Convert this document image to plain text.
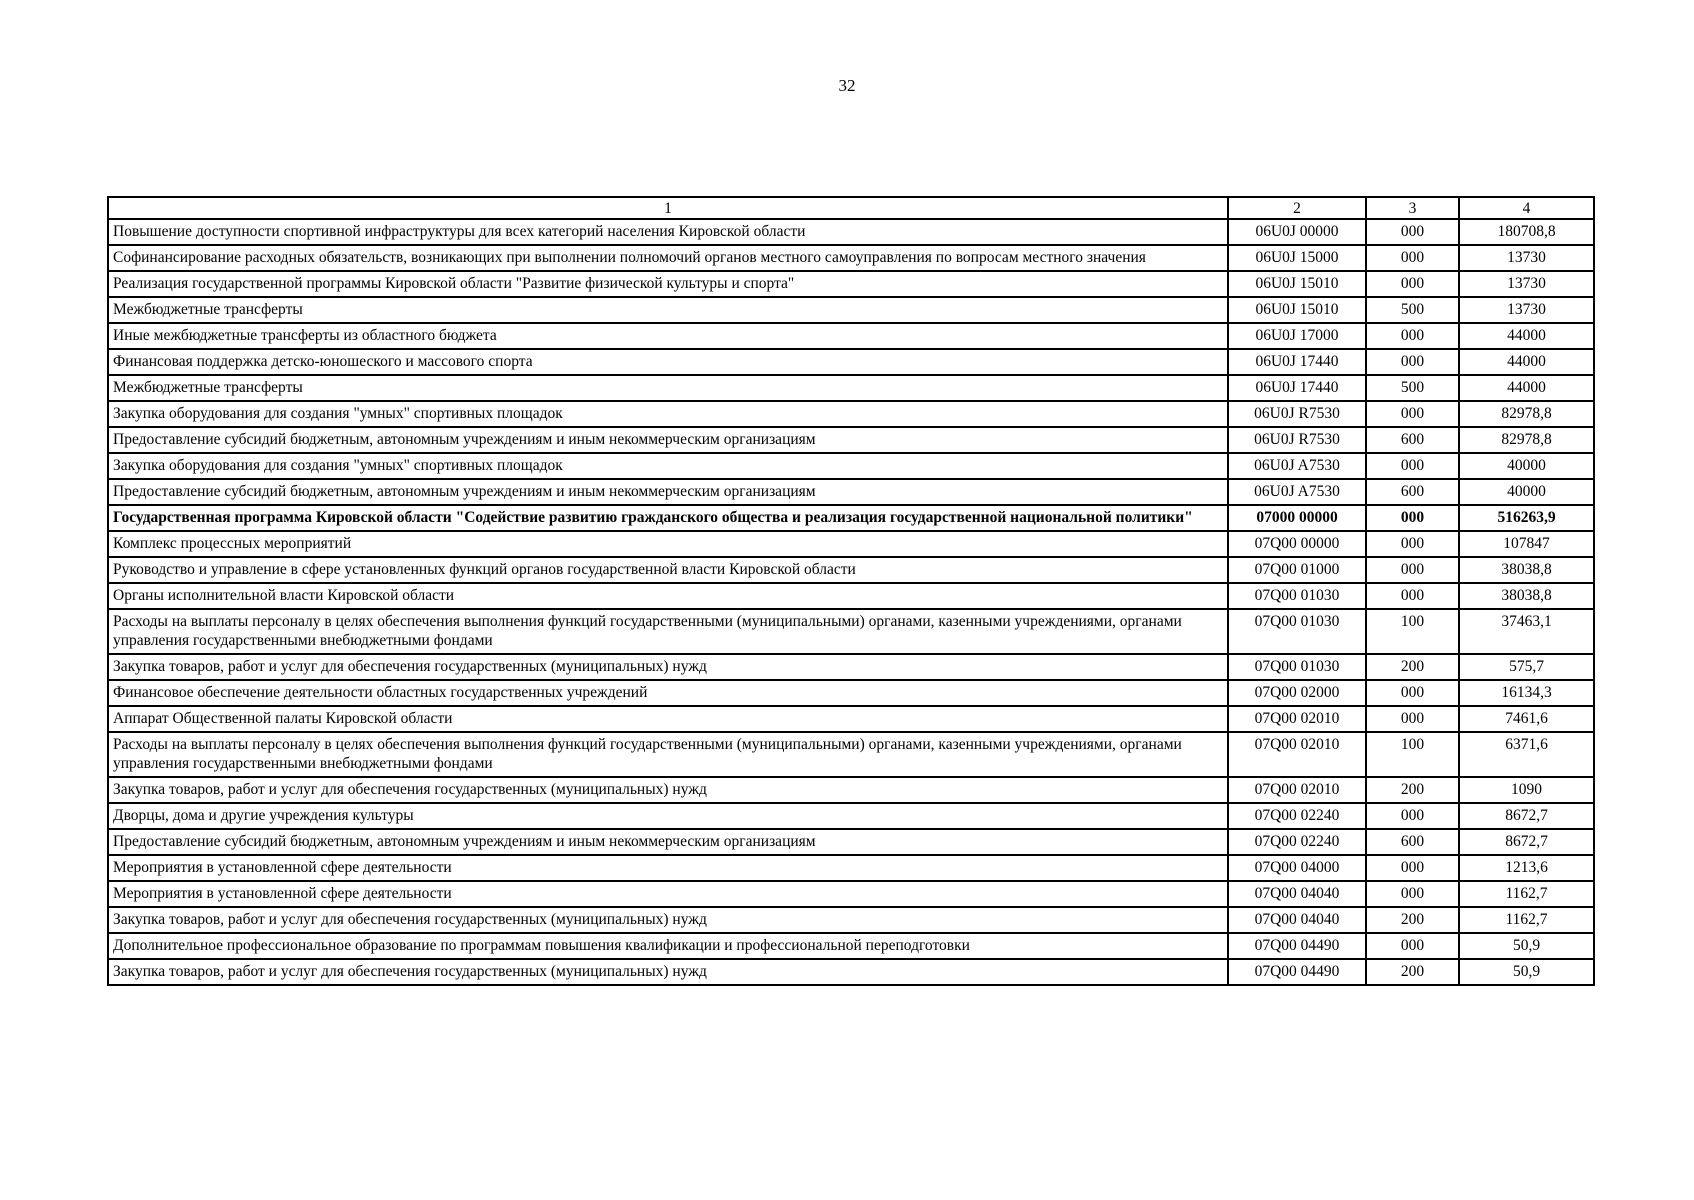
32
1	2	3	4
Повышение доступности спортивной инфраструктуры для всех категорий населения Кировской области	06U0J 00000	000	180708,8
Софинансирование расходных обязательств, возникающих при выполнении полномочий органов местного самоуправления по вопросам местного значения	06U0J 15000	000	13730
Реализация государственной программы Кировской области "Развитие физической культуры и спорта"	06U0J 15010	000	13730
Межбюджетные трансферты	06U0J 15010	500	13730
Иные межбюджетные трансферты из областного бюджета	06U0J 17000	000	44000
Финансовая поддержка детско-юношеского и массового спорта	06U0J 17440	000	44000
Межбюджетные трансферты	06U0J 17440	500	44000
Закупка оборудования для создания "умных" спортивных площадок	06U0J R7530	000	82978,8
Предоставление субсидий бюджетным, автономным учреждениям и иным некоммерческим организациям	06U0J R7530	600	82978,8
Закупка оборудования для создания "умных" спортивных площадок	06U0J A7530	000	40000
Предоставление субсидий бюджетным, автономным учреждениям и иным некоммерческим организациям	06U0J A7530	600	40000
Государственная программа Кировской области "Содействие развитию гражданского общества и реализация государственной национальной политики"	07000 00000	000	516263,9
Комплекс процессных мероприятий	07Q00 00000	000	107847
Руководство и управление в сфере установленных функций органов государственной власти Кировской области	07Q00 01000	000	38038,8
Органы исполнительной власти Кировской области	07Q00 01030	000	38038,8
Расходы на выплаты персоналу в целях обеспечения выполнения функций государственными (муниципальными) органами, казенными учреждениями, органами управления государственными внебюджетными фондами	07Q00 01030	100	37463,1
Закупка товаров, работ и услуг для обеспечения государственных (муниципальных) нужд	07Q00 01030	200	575,7
Финансовое обеспечение деятельности областных государственных учреждений	07Q00 02000	000	16134,3
Аппарат Общественной палаты Кировской области	07Q00 02010	000	7461,6
Расходы на выплаты персоналу в целях обеспечения выполнения функций государственными (муниципальными) органами, казенными учреждениями, органами управления государственными внебюджетными фондами	07Q00 02010	100	6371,6
Закупка товаров, работ и услуг для обеспечения государственных (муниципальных) нужд	07Q00 02010	200	1090
Дворцы, дома и другие учреждения культуры	07Q00 02240	000	8672,7
Предоставление субсидий бюджетным, автономным учреждениям и иным некоммерческим организациям	07Q00 02240	600	8672,7
Мероприятия в установленной сфере деятельности	07Q00 04000	000	1213,6
Мероприятия в установленной сфере деятельности	07Q00 04040	000	1162,7
Закупка товаров, работ и услуг для обеспечения государственных (муниципальных) нужд	07Q00 04040	200	1162,7
Дополнительное профессиональное образование по программам повышения квалификации и профессиональной переподготовки	07Q00 04490	000	50,9
Закупка товаров, работ и услуг для обеспечения государственных (муниципальных) нужд	07Q00 04490	200	50,9
